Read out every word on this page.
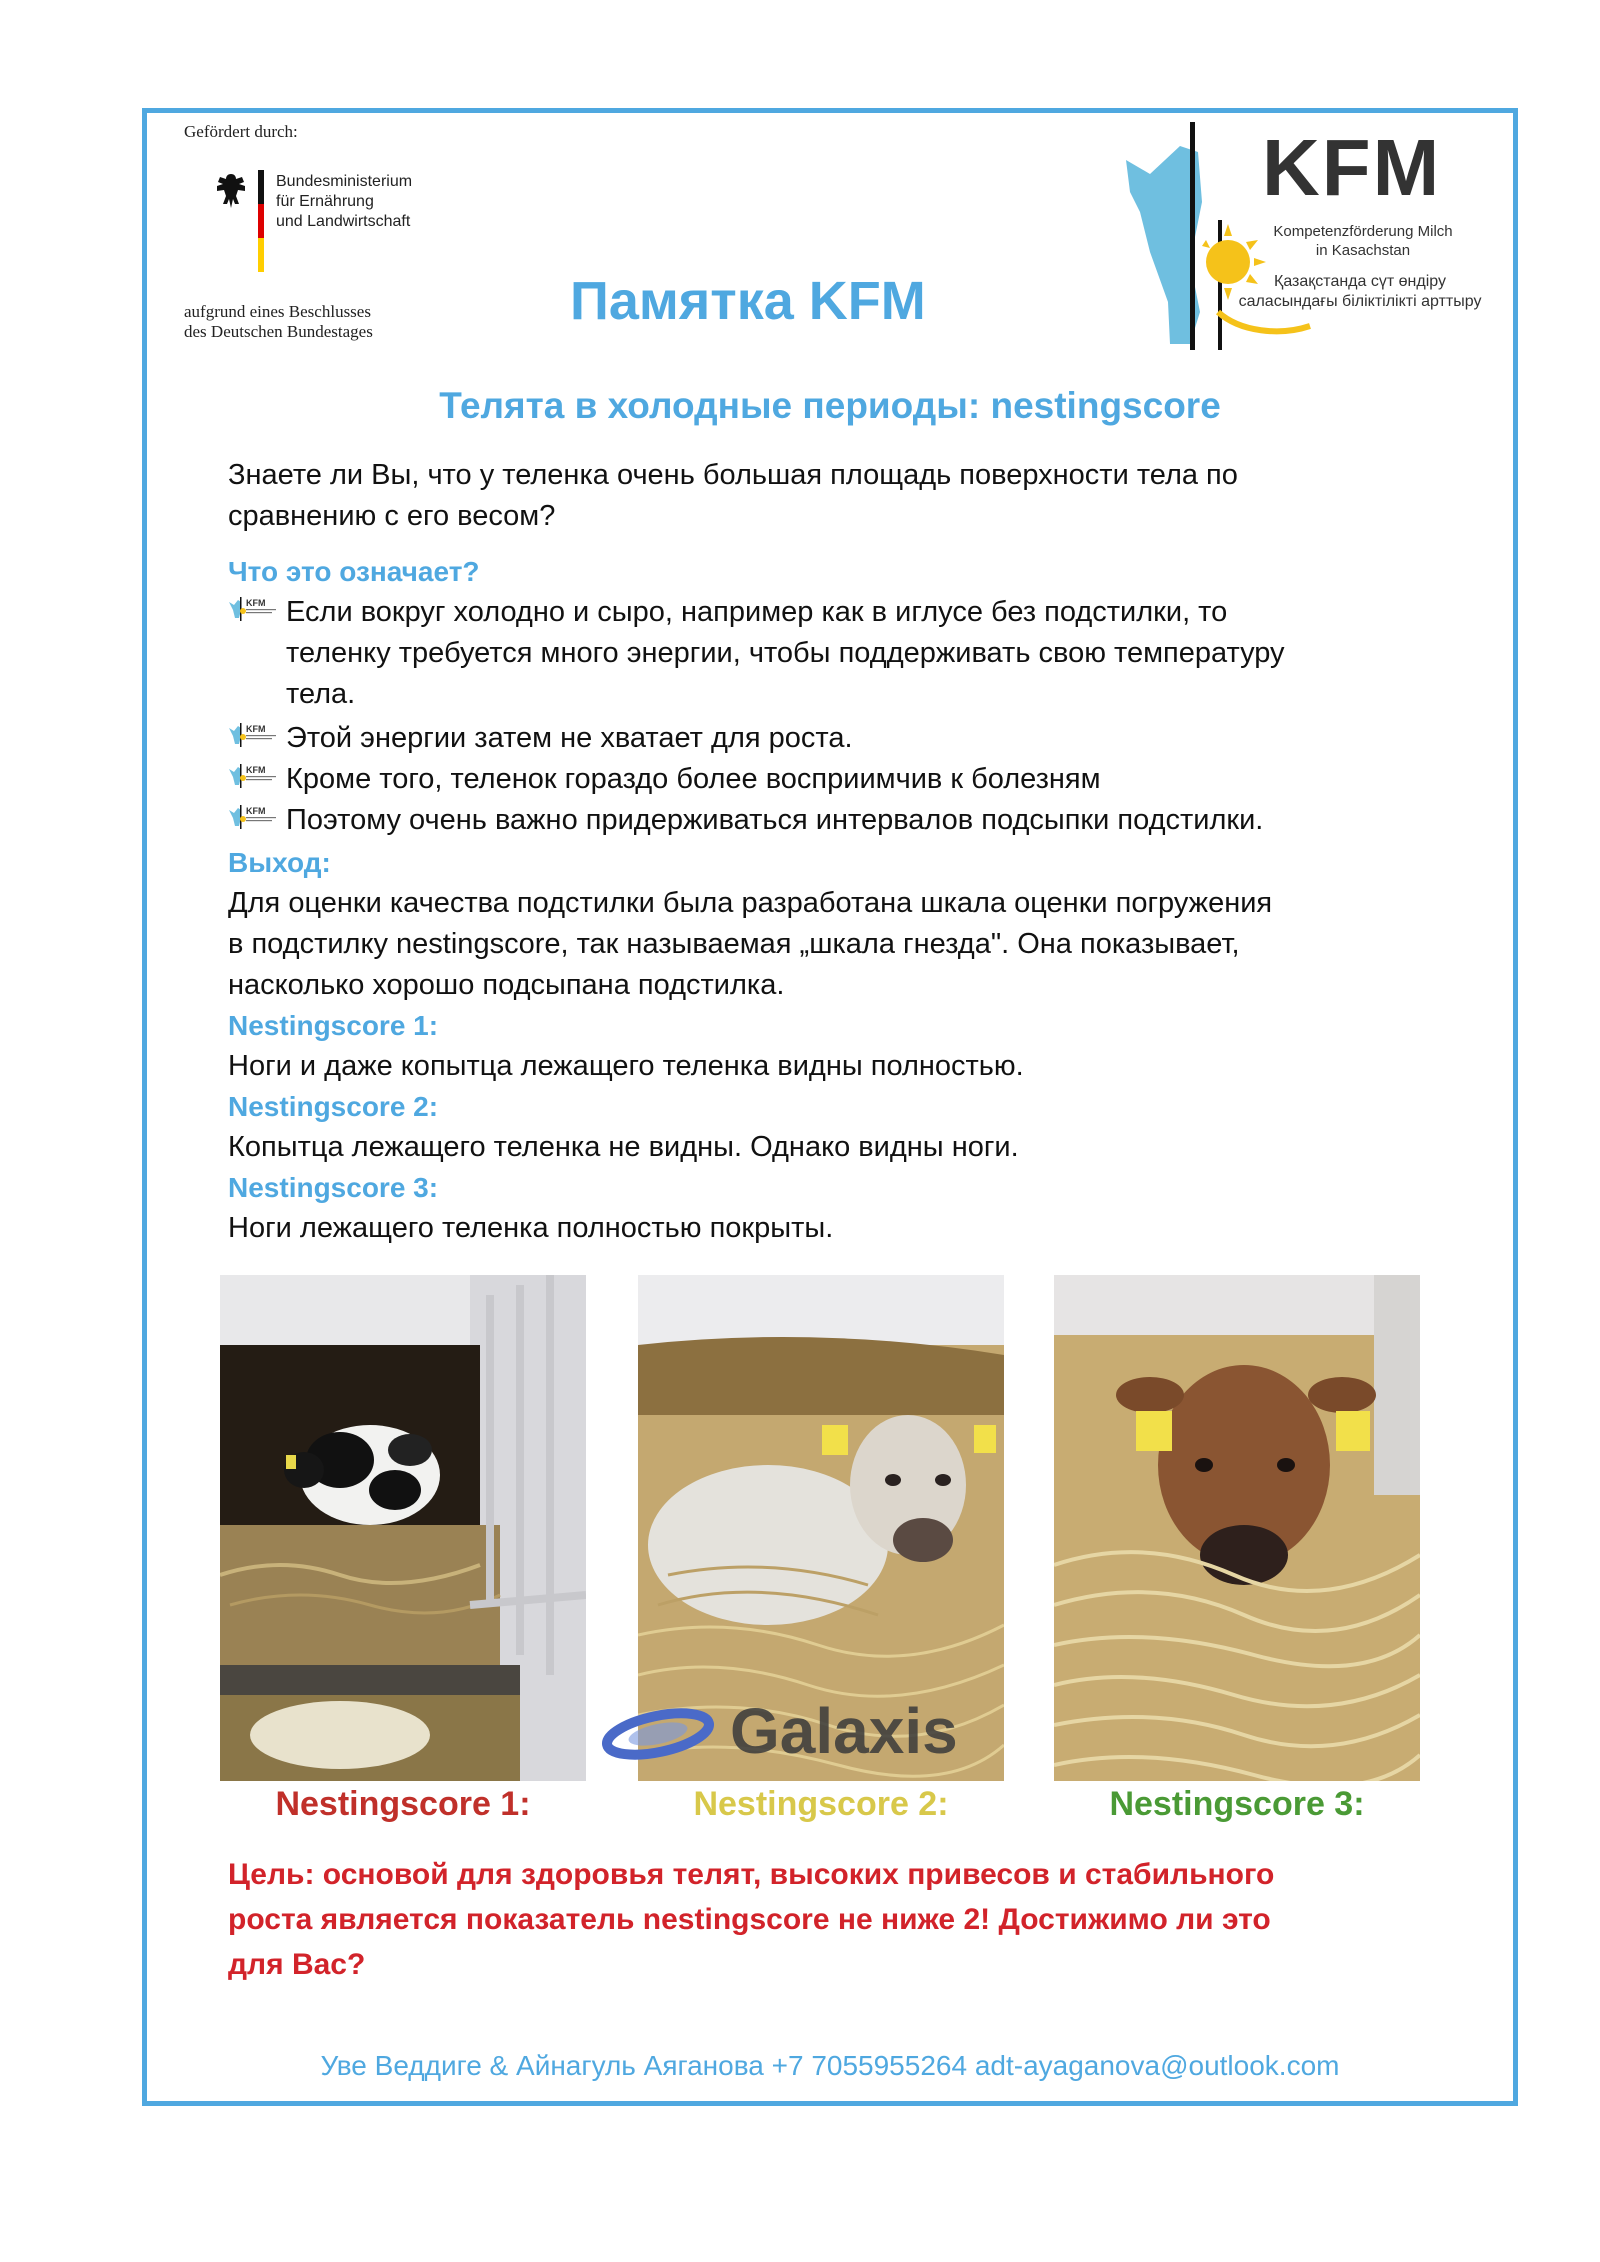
Gefördert durch:
Bundesministerium
für Ernährung
und Landwirtschaft
aufgrund eines Beschlusses
des Deutschen Bundestages
Памятка KFM
KFM
Kompetenzförderung Milch
in Kasachstan
Қазақстанда сүт өндіру
саласындағы біліктілікті арттыру
Телята в холодные периоды: nestingscore
Знаете ли Вы, что у теленка очень большая площадь поверхности тела по
сравнению с его весом?
Что это означает?
KFM Если вокруг холодно и сыро, например как в иглусе без подстилки, то
теленку требуется много энергии, чтобы поддерживать свою температуру
тела.
KFM Этой энергии затем не хватает для роста.
KFM Кроме того, теленок гораздо более восприимчив к болезням
KFM Поэтому очень важно придерживаться интервалов подсыпки подстилки.
Выход:
Для оценки качества подстилки была разработана шкала оценки погружения
в подстилку nestingscore, так называемая „шкала гнезда". Она показывает,
насколько хорошо подсыпана подстилка.
Nestingscore 1:
Ноги и даже копытца лежащего теленка видны полностью.
Nestingscore 2:
Копытца лежащего теленка не видны. Однако видны ноги.
Nestingscore 3:
Ноги лежащего теленка полностью покрыты.
Galaxis
Nestingscore 1:	Nestingscore 2:	Nestingscore 3:
Цель: основой для здоровья телят, высоких привесов и стабильного
роста является показатель nestingscore не ниже 2! Достижимо ли это
для Вас?
Уве Веддиге & Айнагуль Аяганова +7 7055955264 adt-ayaganova@outlook.com
